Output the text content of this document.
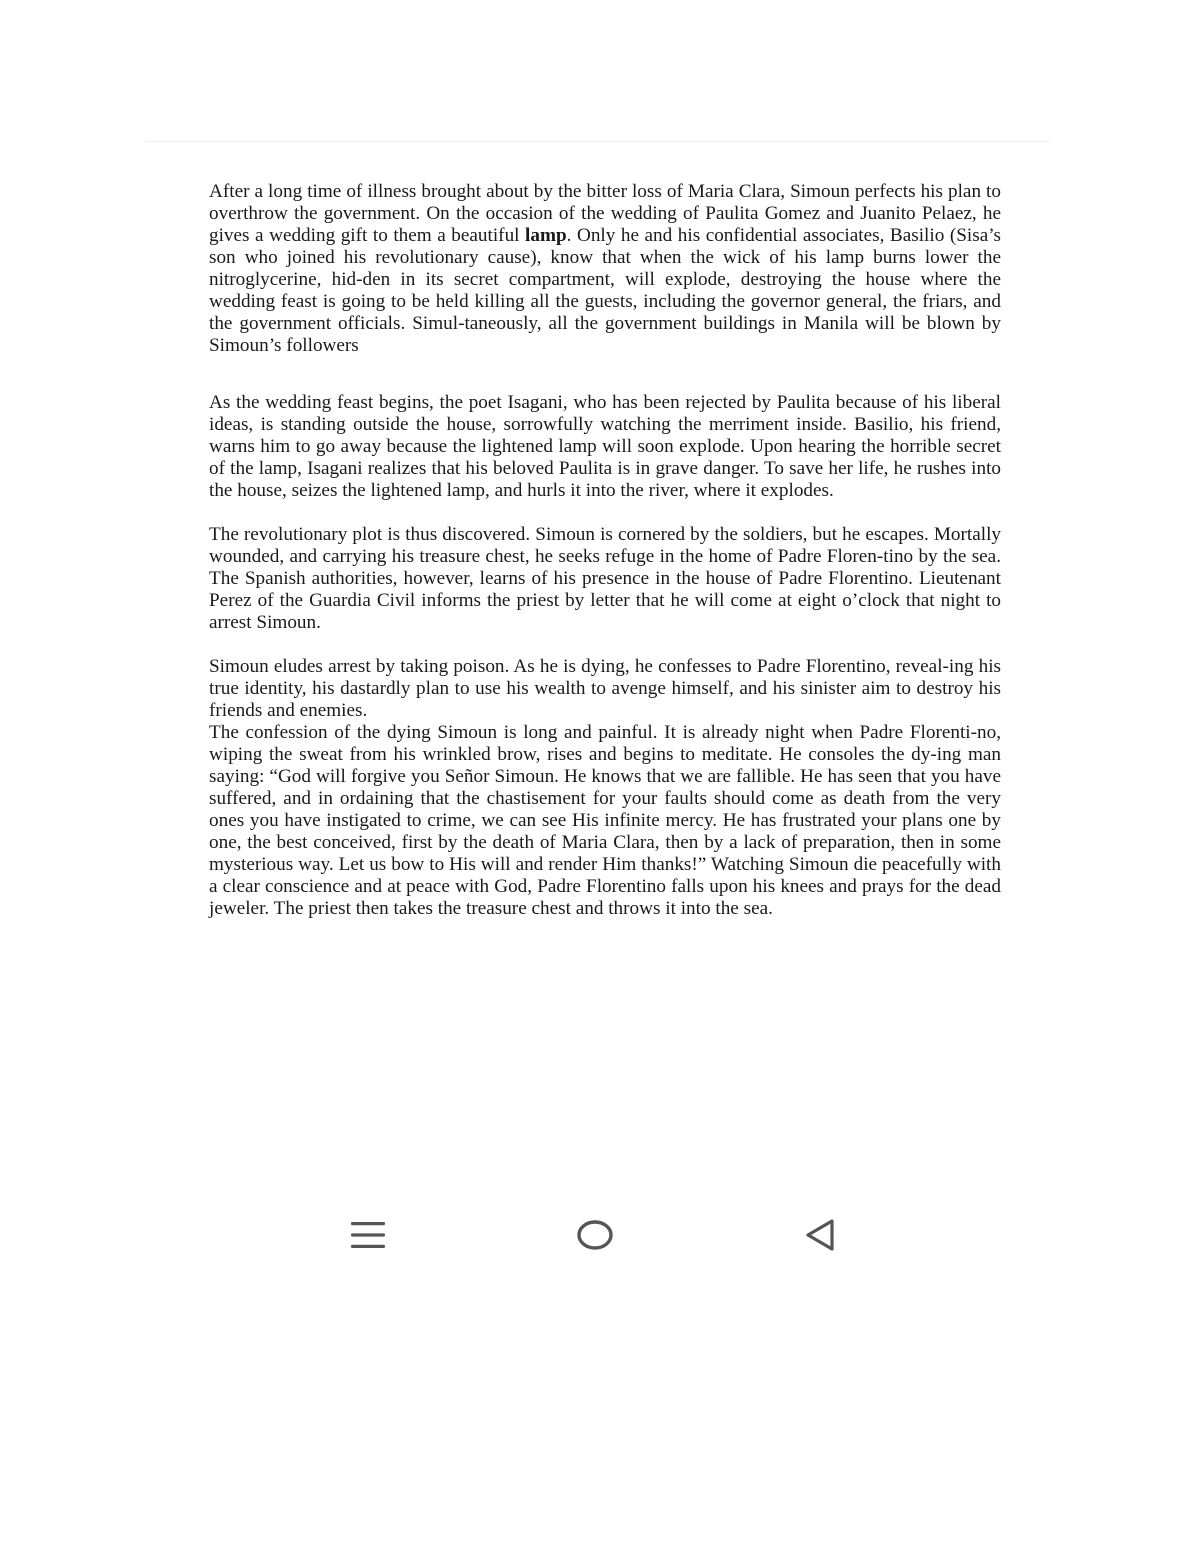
After a long time of illness brought about by the bitter loss of Maria Clara, Simoun perfects his plan to overthrow the government. On the occasion of the wedding of Paulita Gomez and Juanito Pelaez, he gives a wedding gift to them a beautiful lamp. Only he and his confidential associates, Basilio (Sisa’s son who joined his revolutionary cause), know that when the wick of his lamp burns lower the nitroglycerine, hid-den in its secret compartment, will explode, destroying the house where the wedding feast is going to be held killing all the guests, including the governor general, the friars, and the government officials. Simul-taneously, all the government buildings in Manila will be blown by Simoun’s followers

As the wedding feast begins, the poet Isagani, who has been rejected by Paulita because of his liberal ideas, is standing outside the house, sorrowfully watching the merriment inside. Basilio, his friend, warns him to go away because the lightened lamp will soon explode. Upon hearing the horrible secret of the lamp, Isagani realizes that his beloved Paulita is in grave danger. To save her life, he rushes into the house, seizes the lightened lamp, and hurls it into the river, where it explodes.

The revolutionary plot is thus discovered. Simoun is cornered by the soldiers, but he escapes. Mortally wounded, and carrying his treasure chest, he seeks refuge in the home of Padre Floren-tino by the sea. The Spanish authorities, however, learns of his presence in the house of Padre Florentino. Lieutenant Perez of the Guardia Civil informs the priest by letter that he will come at eight o’clock that night to arrest Simoun.

Simoun eludes arrest by taking poison. As he is dying, he confesses to Padre Florentino, reveal-ing his true identity, his dastardly plan to use his wealth to avenge himself, and his sinister aim to destroy his friends and enemies.

The confession of the dying Simoun is long and painful. It is already night when Padre Florenti-no, wiping the sweat from his wrinkled brow, rises and begins to meditate. He consoles the dy-ing man saying: “God will forgive you Señor Simoun. He knows that we are fallible. He has seen that you have suffered, and in ordaining that the chastisement for your faults should come as death from the very ones you have instigated to crime, we can see His infinite mercy. He has frustrated your plans one by one, the best conceived, first by the death of Maria Clara, then by a lack of preparation, then in some mysterious way. Let us bow to His will and render Him thanks!” Watching Simoun die peacefully with a clear conscience and at peace with God, Padre Florentino falls upon his knees and prays for the dead jeweler. The priest then takes the treasure chest and throws it into the sea.
